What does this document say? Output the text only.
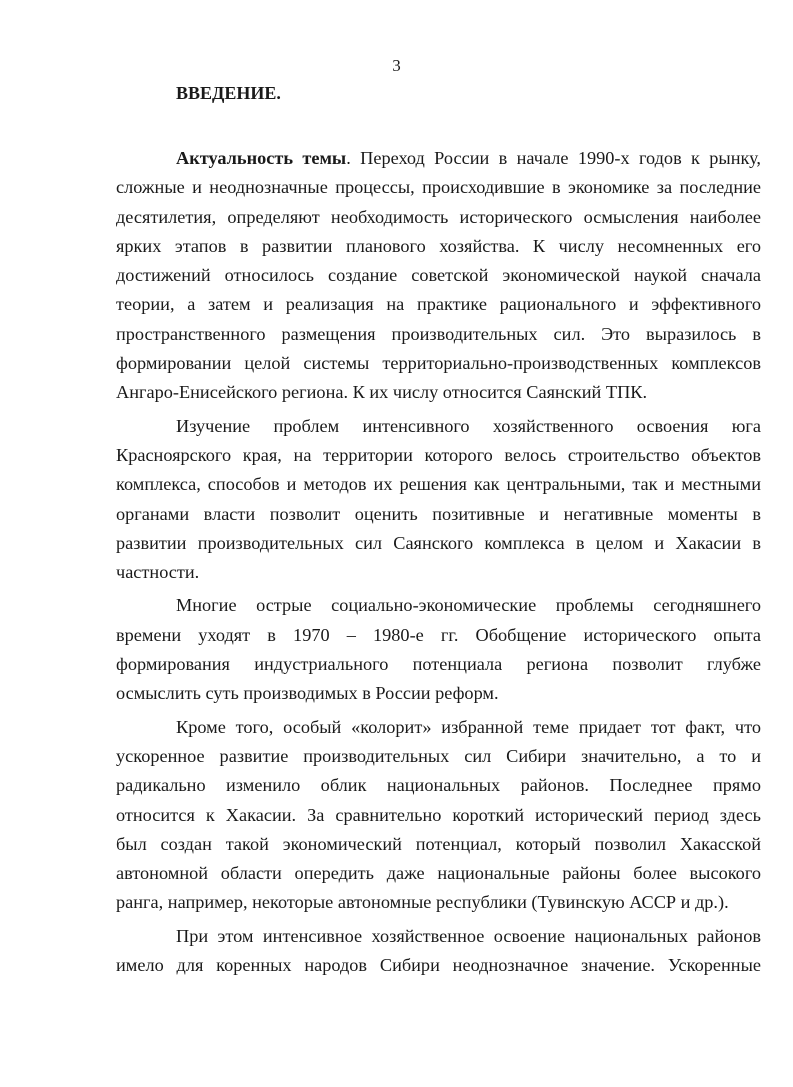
3
ВВЕДЕНИЕ.
Актуальность темы. Переход России в начале 1990-х годов к рынку,
сложные и неоднозначные процессы, происходившие в экономике за последние
десятилетия, определяют необходимость исторического осмысления наиболее
ярких этапов в развитии планового хозяйства. К числу несомненных его
достижений относилось создание советской экономической наукой сначала
теории, а затем и реализация на практике рационального и эффективного
пространственного размещения производительных сил. Это выразилось в
формировании целой системы территориально-производственных комплексов
Ангаро-Енисейского региона. К их числу относится Саянский ТПК.
Изучение проблем интенсивного хозяйственного освоения юга
Красноярского края, на территории которого велось строительство объектов
комплекса, способов и методов их решения как центральными, так и местными
органами власти позволит оценить позитивные и негативные моменты в
развитии производительных сил Саянского комплекса в целом и Хакасии в
частности.
Многие острые социально-экономические проблемы сегодняшнего
времени уходят в 1970 – 1980-е гг. Обобщение исторического опыта
формирования индустриального потенциала региона позволит глубже
осмыслить суть производимых в России реформ.
Кроме того, особый «колорит» избранной теме придает тот факт, что
ускоренное развитие производительных сил Сибири значительно, а то и
радикально изменило облик национальных районов. Последнее прямо
относится к Хакасии. За сравнительно короткий исторический период здесь
был создан такой экономический потенциал, который позволил Хакасской
автономной области опередить даже национальные районы более высокого
ранга, например, некоторые автономные республики (Тувинскую АССР и др.).
При этом интенсивное хозяйственное освоение национальных районов
имело для коренных народов Сибири неоднозначное значение. Ускоренные
